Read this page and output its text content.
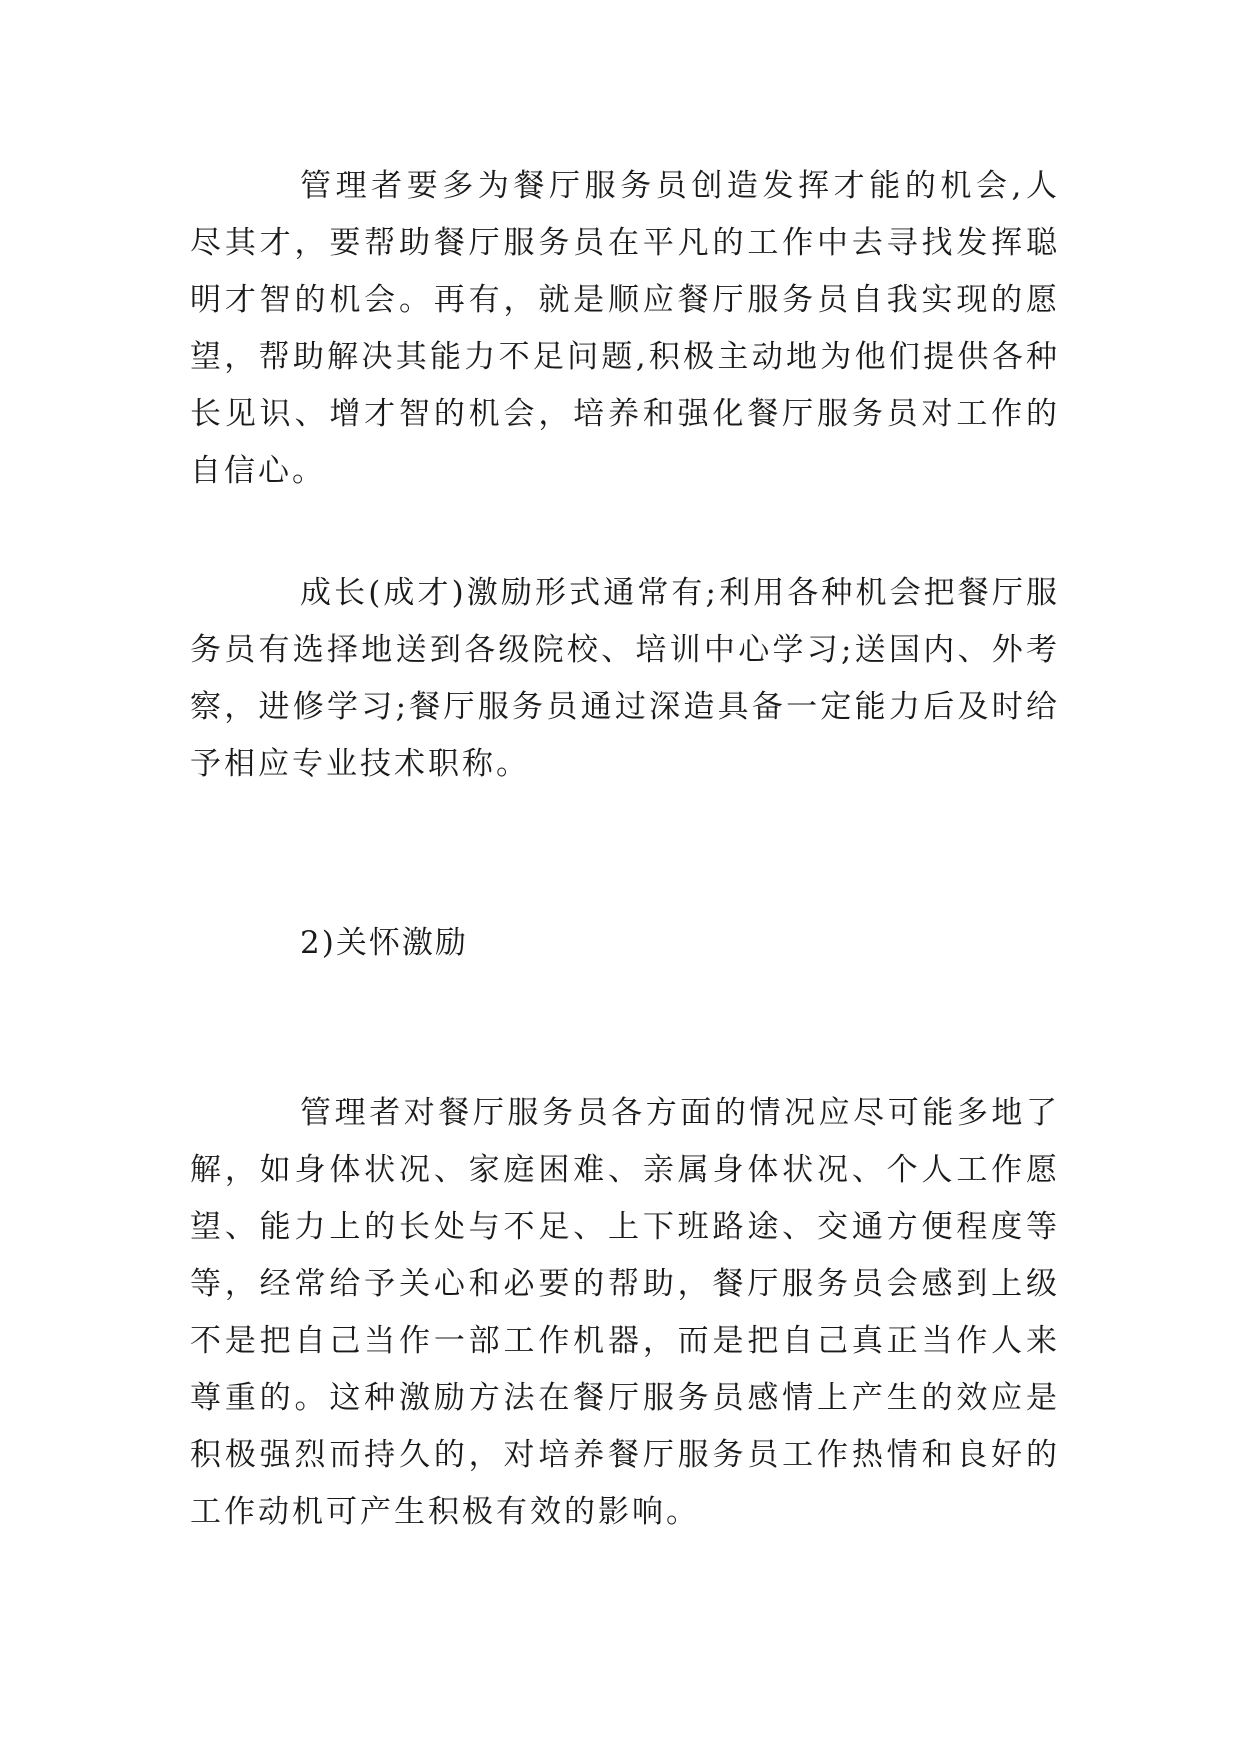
管理者要多为餐厅服务员创造发挥才能的机会,人尽其才，要帮助餐厅服务员在平凡的工作中去寻找发挥聪明才智的机会。再有，就是顺应餐厅服务员自我实现的愿望，帮助解决其能力不足问题,积极主动地为他们提供各种长见识、增才智的机会，培养和强化餐厅服务员对工作的自信心。

成长(成才)激励形式通常有;利用各种机会把餐厅服务员有选择地送到各级院校、培训中心学习;送国内、外考察，进修学习;餐厅服务员通过深造具备一定能力后及时给予相应专业技术职称。

2)关怀激励

管理者对餐厅服务员各方面的情况应尽可能多地了解，如身体状况、家庭困难、亲属身体状况、个人工作愿望、能力上的长处与不足、上下班路途、交通方便程度等等，经常给予关心和必要的帮助，餐厅服务员会感到上级不是把自己当作一部工作机器，而是把自己真正当作人来尊重的。这种激励方法在餐厅服务员感情上产生的效应是积极强烈而持久的，对培养餐厅服务员工作热情和良好的工作动机可产生积极有效的影响。
